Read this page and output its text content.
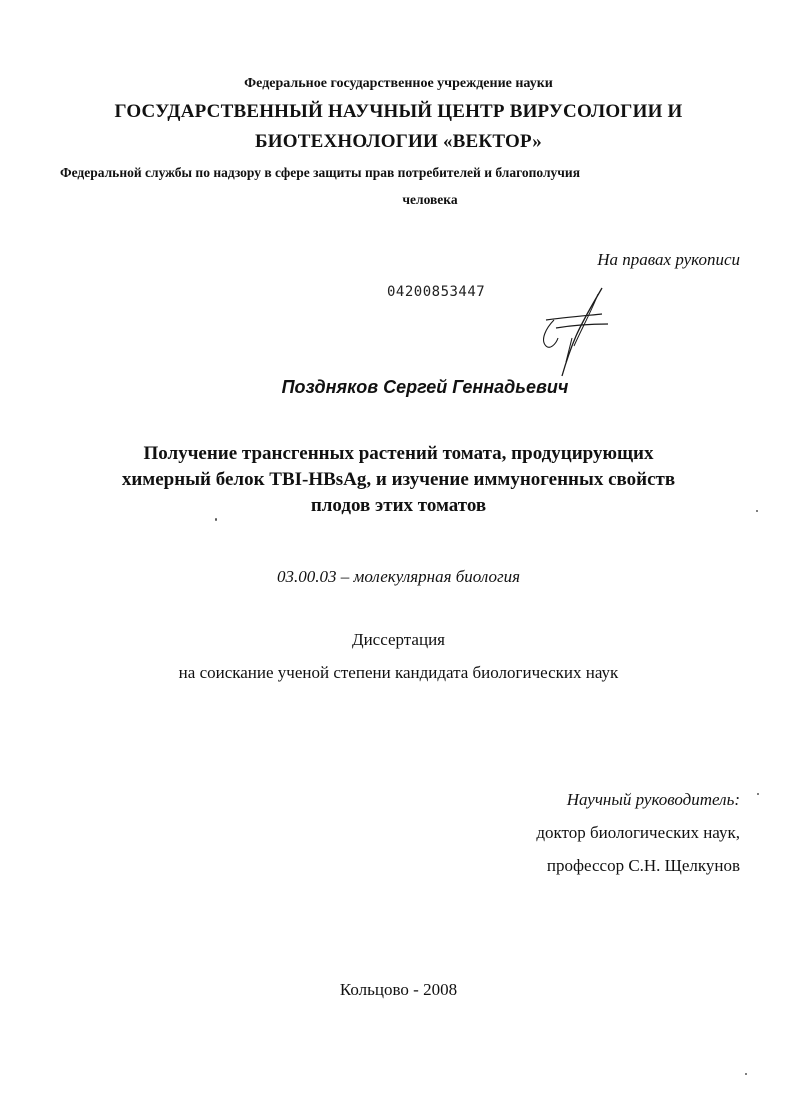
Федеральное государственное учреждение науки
ГОСУДАРСТВЕННЫЙ НАУЧНЫЙ ЦЕНТР ВИРУСОЛОГИИ И
БИОТЕХНОЛОГИИ «ВЕКТОР»
Федеральной службы по надзору в сфере защиты прав потребителей и благополучия
человека
На правах рукописи
04200853447
Поздняков Сергей Геннадьевич
Получение трансгенных растений томата, продуцирующих
химерный белок TBI-HBsAg, и изучение иммуногенных свойств
плодов этих томатов
03.00.03 – молекулярная биология
Диссертация
на соискание ученой степени кандидата биологических наук
Научный руководитель:
доктор биологических наук,
профессор С.Н. Щелкунов
Кольцово - 2008
